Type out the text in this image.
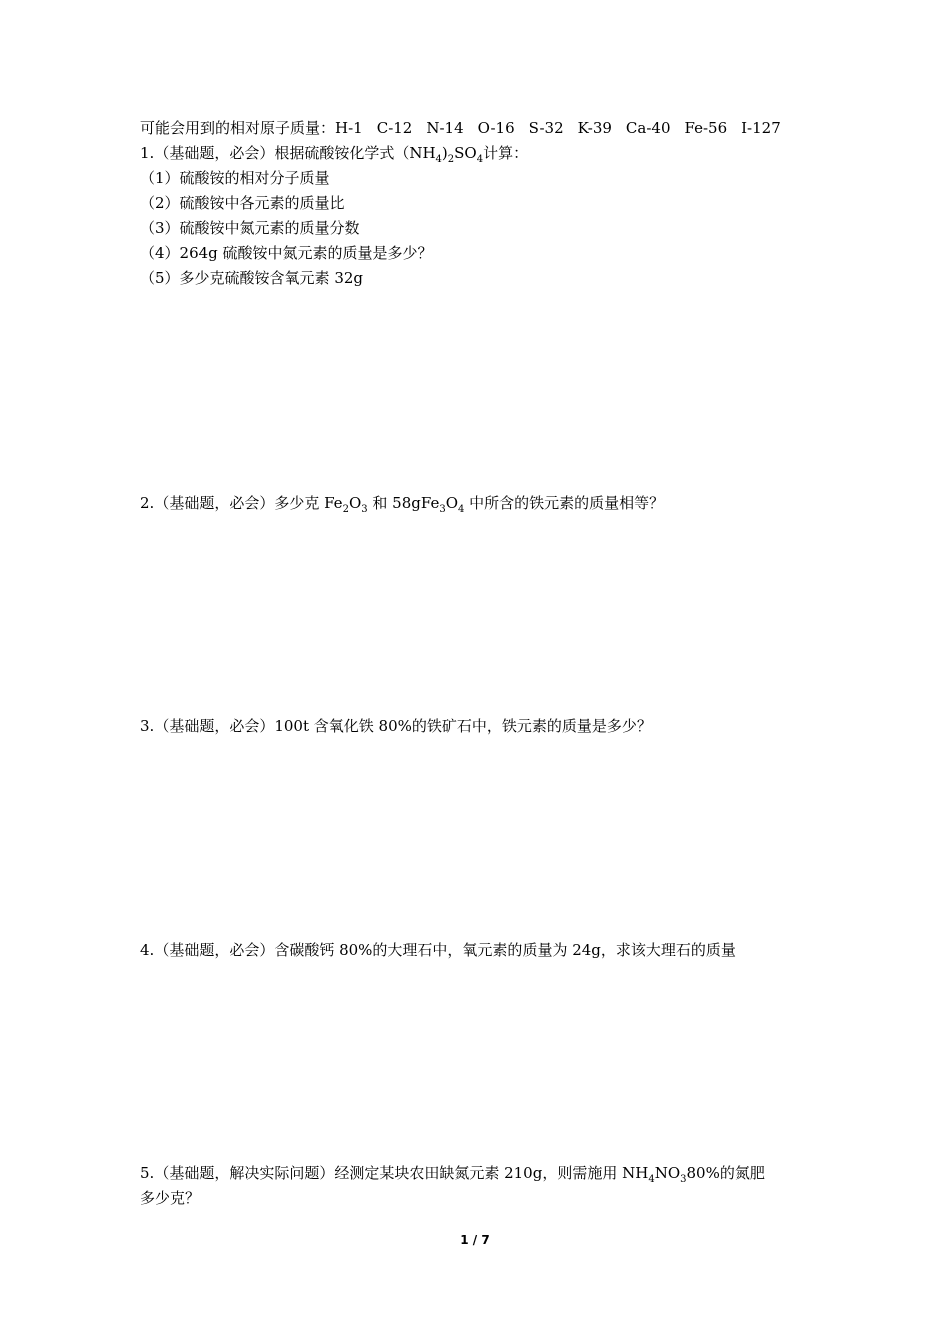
可能会用到的相对原子质量：H-1 C-12 N-14 O-16 S-32 K-39 Ca-40 Fe-56 I-127
1.（基础题，必会）根据硫酸铵化学式$(NH_4)_2SO_4$计算：
（1）硫酸铵的相对分子质量
（2）硫酸铵中各元素的质量比
（3）硫酸铵中氮元素的质量分数
（4）264g 硫酸铵中氮元素的质量是多少？
（5）多少克硫酸铵含氧元素 32g
2.（基础题，必会）多少克 $Fe_2O_3$ 和 $58gFe_3O_4$ 中所含的铁元素的质量相等？
3.（基础题，必会）100t 含氧化铁 80%的铁矿石中，铁元素的质量是多少？
4.（基础题，必会）含碳酸钙 80%的大理石中，氧元素的质量为 24g，求该大理石的质量
5.（基础题，解决实际问题）经测定某块农田缺氮元素 210g，则需施用 $NH_4NO_380\%$的氮肥
多少克？
1 / 7
